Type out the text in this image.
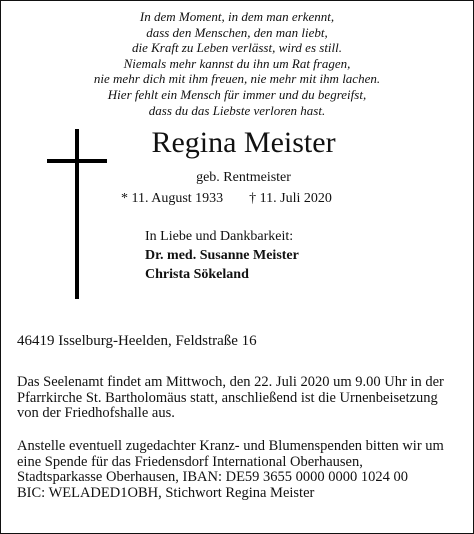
In dem Moment, in dem man erkennt,
dass den Menschen, den man liebt,
die Kraft zu Leben verlässt, wird es still.
Niemals mehr kannst du ihn um Rat fragen,
nie mehr dich mit ihm freuen, nie mehr mit ihm lachen.
Hier fehlt ein Mensch für immer und du begreifst,
dass du das Liebste verloren hast.
Regina Meister
geb. Rentmeister
* 11. August 1933 † 11. Juli 2020
In Liebe und Dankbarkeit:
Dr. med. Susanne Meister
Christa Sökeland
46419 Isselburg-Heelden, Feldstraße 16
Das Seelenamt findet am Mittwoch, den 22. Juli 2020 um 9.00 Uhr in der
Pfarrkirche St. Bartholomäus statt, anschließend ist die Urnenbeisetzung
von der Friedhofshalle aus.
Anstelle eventuell zugedachter Kranz- und Blumenspenden bitten wir um
eine Spende für das Friedensdorf International Oberhausen,
Stadtsparkasse Oberhausen, IBAN: DE59 3655 0000 0000 1024 00
BIC: WELADED1OBH, Stichwort Regina Meister
